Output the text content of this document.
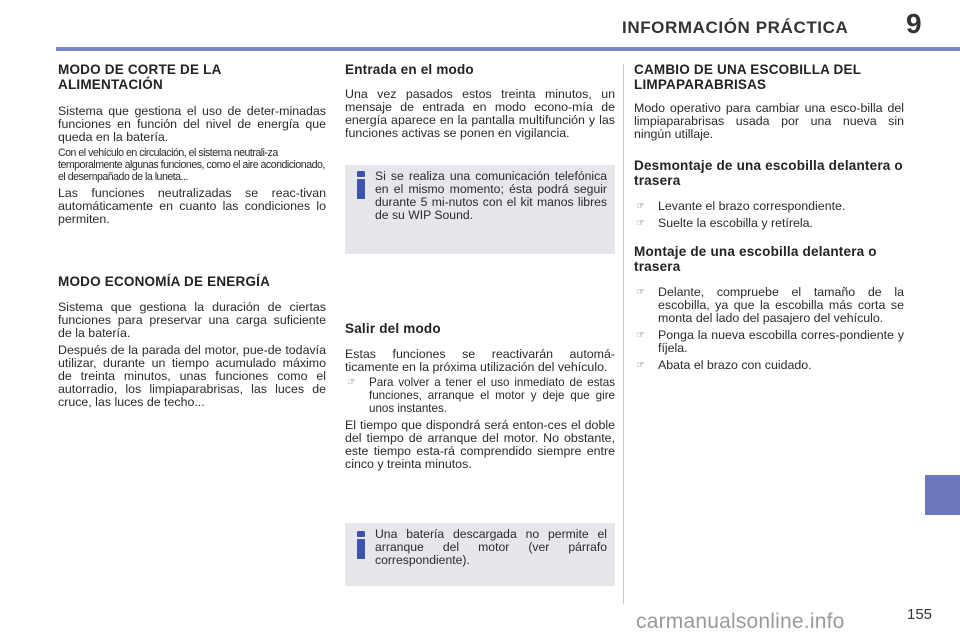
INFORMACIÓN PRÁCTICA 9

MODO DE CORTE DE LA ALIMENTACIÓN

Sistema que gestiona el uso de deter-minadas funciones en función del nivel de energía que queda en la batería.

Con el vehículo en circulación, el sistema neutrali-za temporalmente algunas funciones, como el aire acondicionado, el desempañado de la luneta...

Las funciones neutralizadas se reac-tivan automáticamente en cuanto las condiciones lo permiten.

MODO ECONOMÍA DE ENERGÍA

Sistema que gestiona la duración de ciertas funciones para preservar una carga suficiente de la batería.

Después de la parada del motor, pue-de todavía utilizar, durante un tiempo acumulado máximo de treinta minutos, unas funciones como el autorradio, los limpiaparabrisas, las luces de cruce, las luces de techo...

Entrada en el modo

Una vez pasados estos treinta minutos, un mensaje de entrada en modo econo-mía de energía aparece en la pantalla multifunción y las funciones activas se ponen en vigilancia.

Si se realiza una comunicación telefónica en el mismo momento; ésta podrá seguir durante 5 mi-nutos con el kit manos libres de su WIP Sound.

Salir del modo

Estas funciones se reactivarán automá-ticamente en la próxima utilización del vehículo.

☞	Para volver a tener el uso inmediato de estas funciones, arranque el motor y deje que gire unos instantes.

El tiempo que dispondrá será enton-ces el doble del tiempo de arranque del motor. No obstante, este tiempo esta-rá comprendido siempre entre cinco y treinta minutos.

Una batería descargada no permite el arranque del motor (ver párrafo correspondiente).

CAMBIO DE UNA ESCOBILLA DEL LIMPAPARABRISAS

Modo operativo para cambiar una esco-billa del limpiaparabrisas usada por una nueva sin ningún utillaje.

Desmontaje de una escobilla delantera o trasera

☞	Levante el brazo correspondiente.
☞	Suelte la escobilla y retírela.

Montaje de una escobilla delantera o trasera

☞	Delante, compruebe el tamaño de la escobilla, ya que la escobilla más corta se monta del lado del pasajero del vehículo.
☞	Ponga la nueva escobilla corres-pondiente y fíjela.
☞	Abata el brazo con cuidado.
155
carmanualsonline.info
